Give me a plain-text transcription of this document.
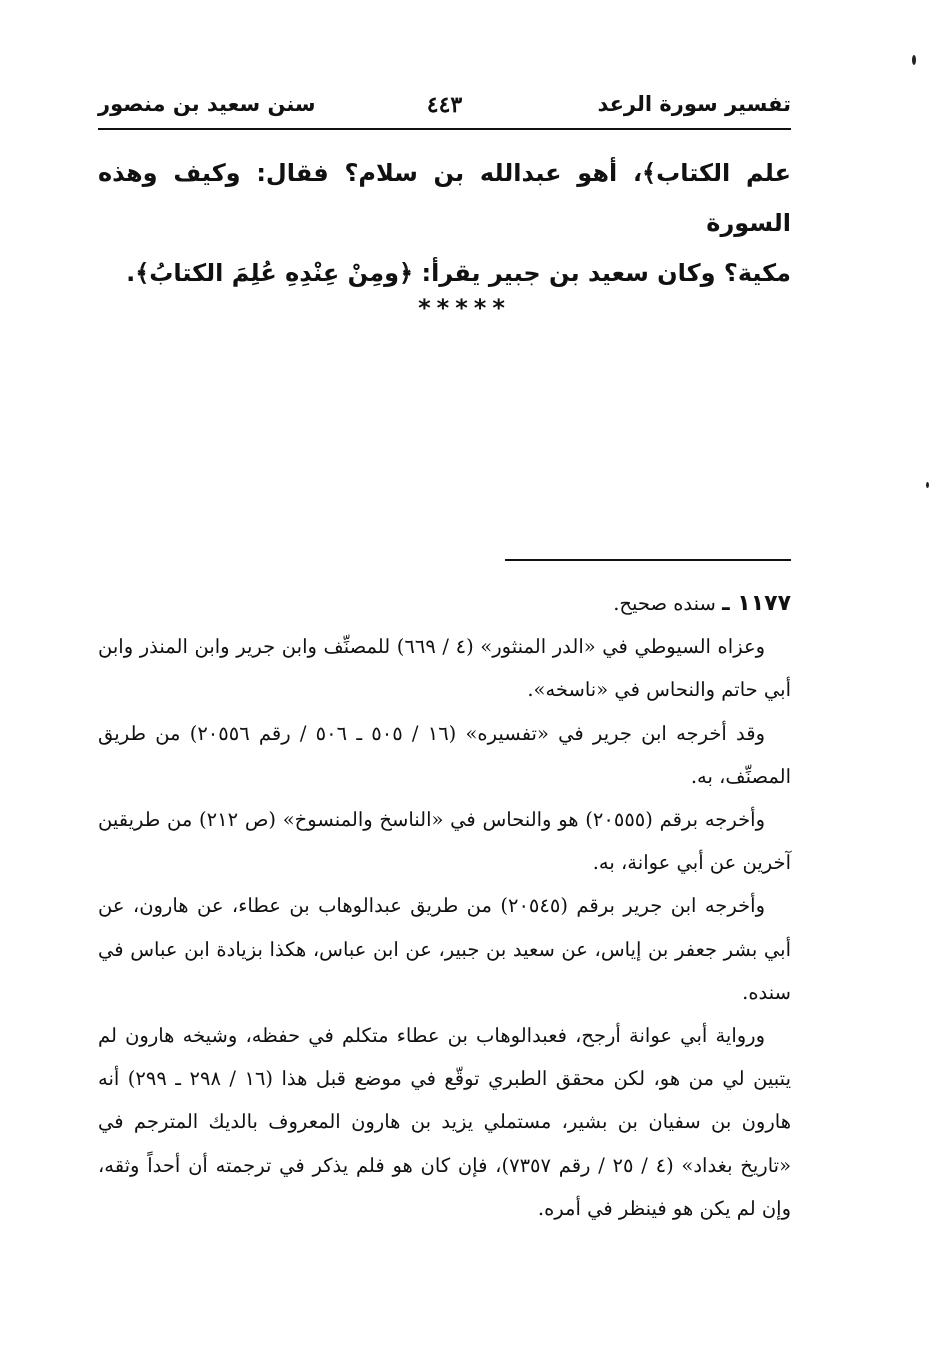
تفسير سورة الرعد
٤٤٣
سنن سعيد بن منصور

علم الكتاب﴾، أهو عبدالله بن سلام؟ فقال: وكيف وهذه السورة

مكية؟ وكان سعيد بن جبير يقرأ: ﴿ومِنْ عِنْدِهِ عُلِمَ الكتابُ﴾.

*****

١١٧٧ ـ سنده صحيح.

وعزاه السيوطي في «الدر المنثور» (٤ / ٦٦٩) للمصنِّف وابن جرير وابن المنذر وابن أبي حاتم والنحاس في «ناسخه».

وقد أخرجه ابن جرير في «تفسيره» (١٦ / ٥٠٥ ـ ٥٠٦ / رقم ٢٠٥٥٦) من طريق المصنِّف، به.

وأخرجه برقم (٢٠٥٥٥) هو والنحاس في «الناسخ والمنسوخ» (ص ٢١٢) من طريقين آخرين عن أبي عوانة، به.

وأخرجه ابن جرير برقم (٢٠٥٤٥) من طريق عبدالوهاب بن عطاء، عن هارون، عن أبي بشر جعفر بن إياس، عن سعيد بن جبير، عن ابن عباس، هكذا بزيادة ابن عباس في سنده.

ورواية أبي عوانة أرجح، فعبدالوهاب بن عطاء متكلم في حفظه، وشيخه هارون لم يتبين لي من هو، لكن محقق الطبري توقّع في موضع قبل هذا (١٦ / ٢٩٨ ـ ٢٩٩) أنه هارون بن سفيان بن بشير، مستملي يزيد بن هارون المعروف بالديك المترجم في «تاريخ بغداد» (٤ / ٢٥ / رقم ٧٣٥٧)، فإن كان هو فلم يذكر في ترجمته أن أحداً وثقه، وإن لم يكن هو فينظر في أمره.
